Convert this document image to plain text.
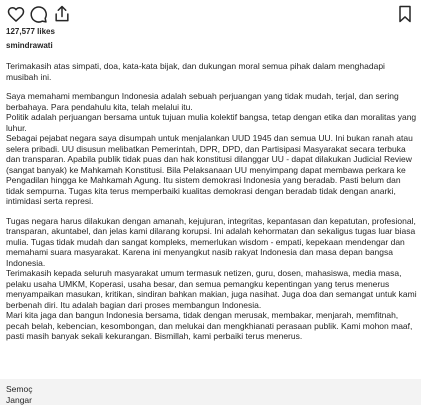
127,577 likes
smindrawati

Terimakasih atas simpati, doa, kata-kata bijak, dan dukungan moral semua pihak dalam menghadapi musibah ini.

Saya memahami membangun Indonesia adalah sebuah perjuangan yang tidak mudah, terjal, dan sering berbahaya. Para pendahulu kita, telah melalui itu.
Politik adalah perjuangan bersama untuk tujuan mulia kolektif bangsa, tetap dengan etika dan moralitas yang luhur.
Sebagai pejabat negara saya disumpah untuk menjalankan UUD 1945 dan semua UU. Ini bukan ranah atau selera pribadi. UU disusun melibatkan Pemerintah, DPR, DPD, dan Partisipasi Masyarakat secara terbuka dan transparan. Apabila publik tidak puas dan hak konstitusi dilanggar UU - dapat dilakukan Judicial Review (sangat banyak) ke Mahkamah Konstitusi. Bila Pelaksanaan UU menyimpang dapat membawa perkara ke Pengadilan hingga ke Mahkamah Agung. Itu sistem demokrasi Indonesia yang beradab. Pasti belum dan tidak sempurna. Tugas kita terus memperbaiki kualitas demokrasi dengan beradab tidak dengan anarki, intimidasi serta represi.

Tugas negara harus dilakukan dengan amanah, kejujuran, integritas, kepantasan dan kepatutan, profesional, transparan, akuntabel, dan jelas kami dilarang korupsi. Ini adalah kehormatan dan sekaligus tugas luar biasa mulia. Tugas tidak mudah dan sangat kompleks, memerlukan wisdom - empati, kepekaan mendengar dan memahami suara masyarakat. Karena ini menyangkut nasib rakyat Indonesia dan masa depan bangsa Indonesia.
Terimakasih kepada seluruh masyarakat umum termasuk netizen, guru, dosen, mahasiswa, media masa, pelaku usaha UMKM, Koperasi, usaha besar, dan semua pemangku kepentingan yang terus menerus menyampaikan masukan, kritikan, sindiran bahkan makian, juga nasihat. Juga doa dan semangat untuk kami berbenah diri. Itu adalah bagian dari proses membangun Indonesia.
Mari kita jaga dan bangun Indonesia bersama, tidak dengan merusak, membakar, menjarah, memfitnah, pecah belah, kebencian, kesombongan, dan melukai dan mengkhianati perasaan publik. Kami mohon maaf, pasti masih banyak sekali kekurangan. Bismillah, kami perbaiki terus menerus.

Semoç
Jangar
